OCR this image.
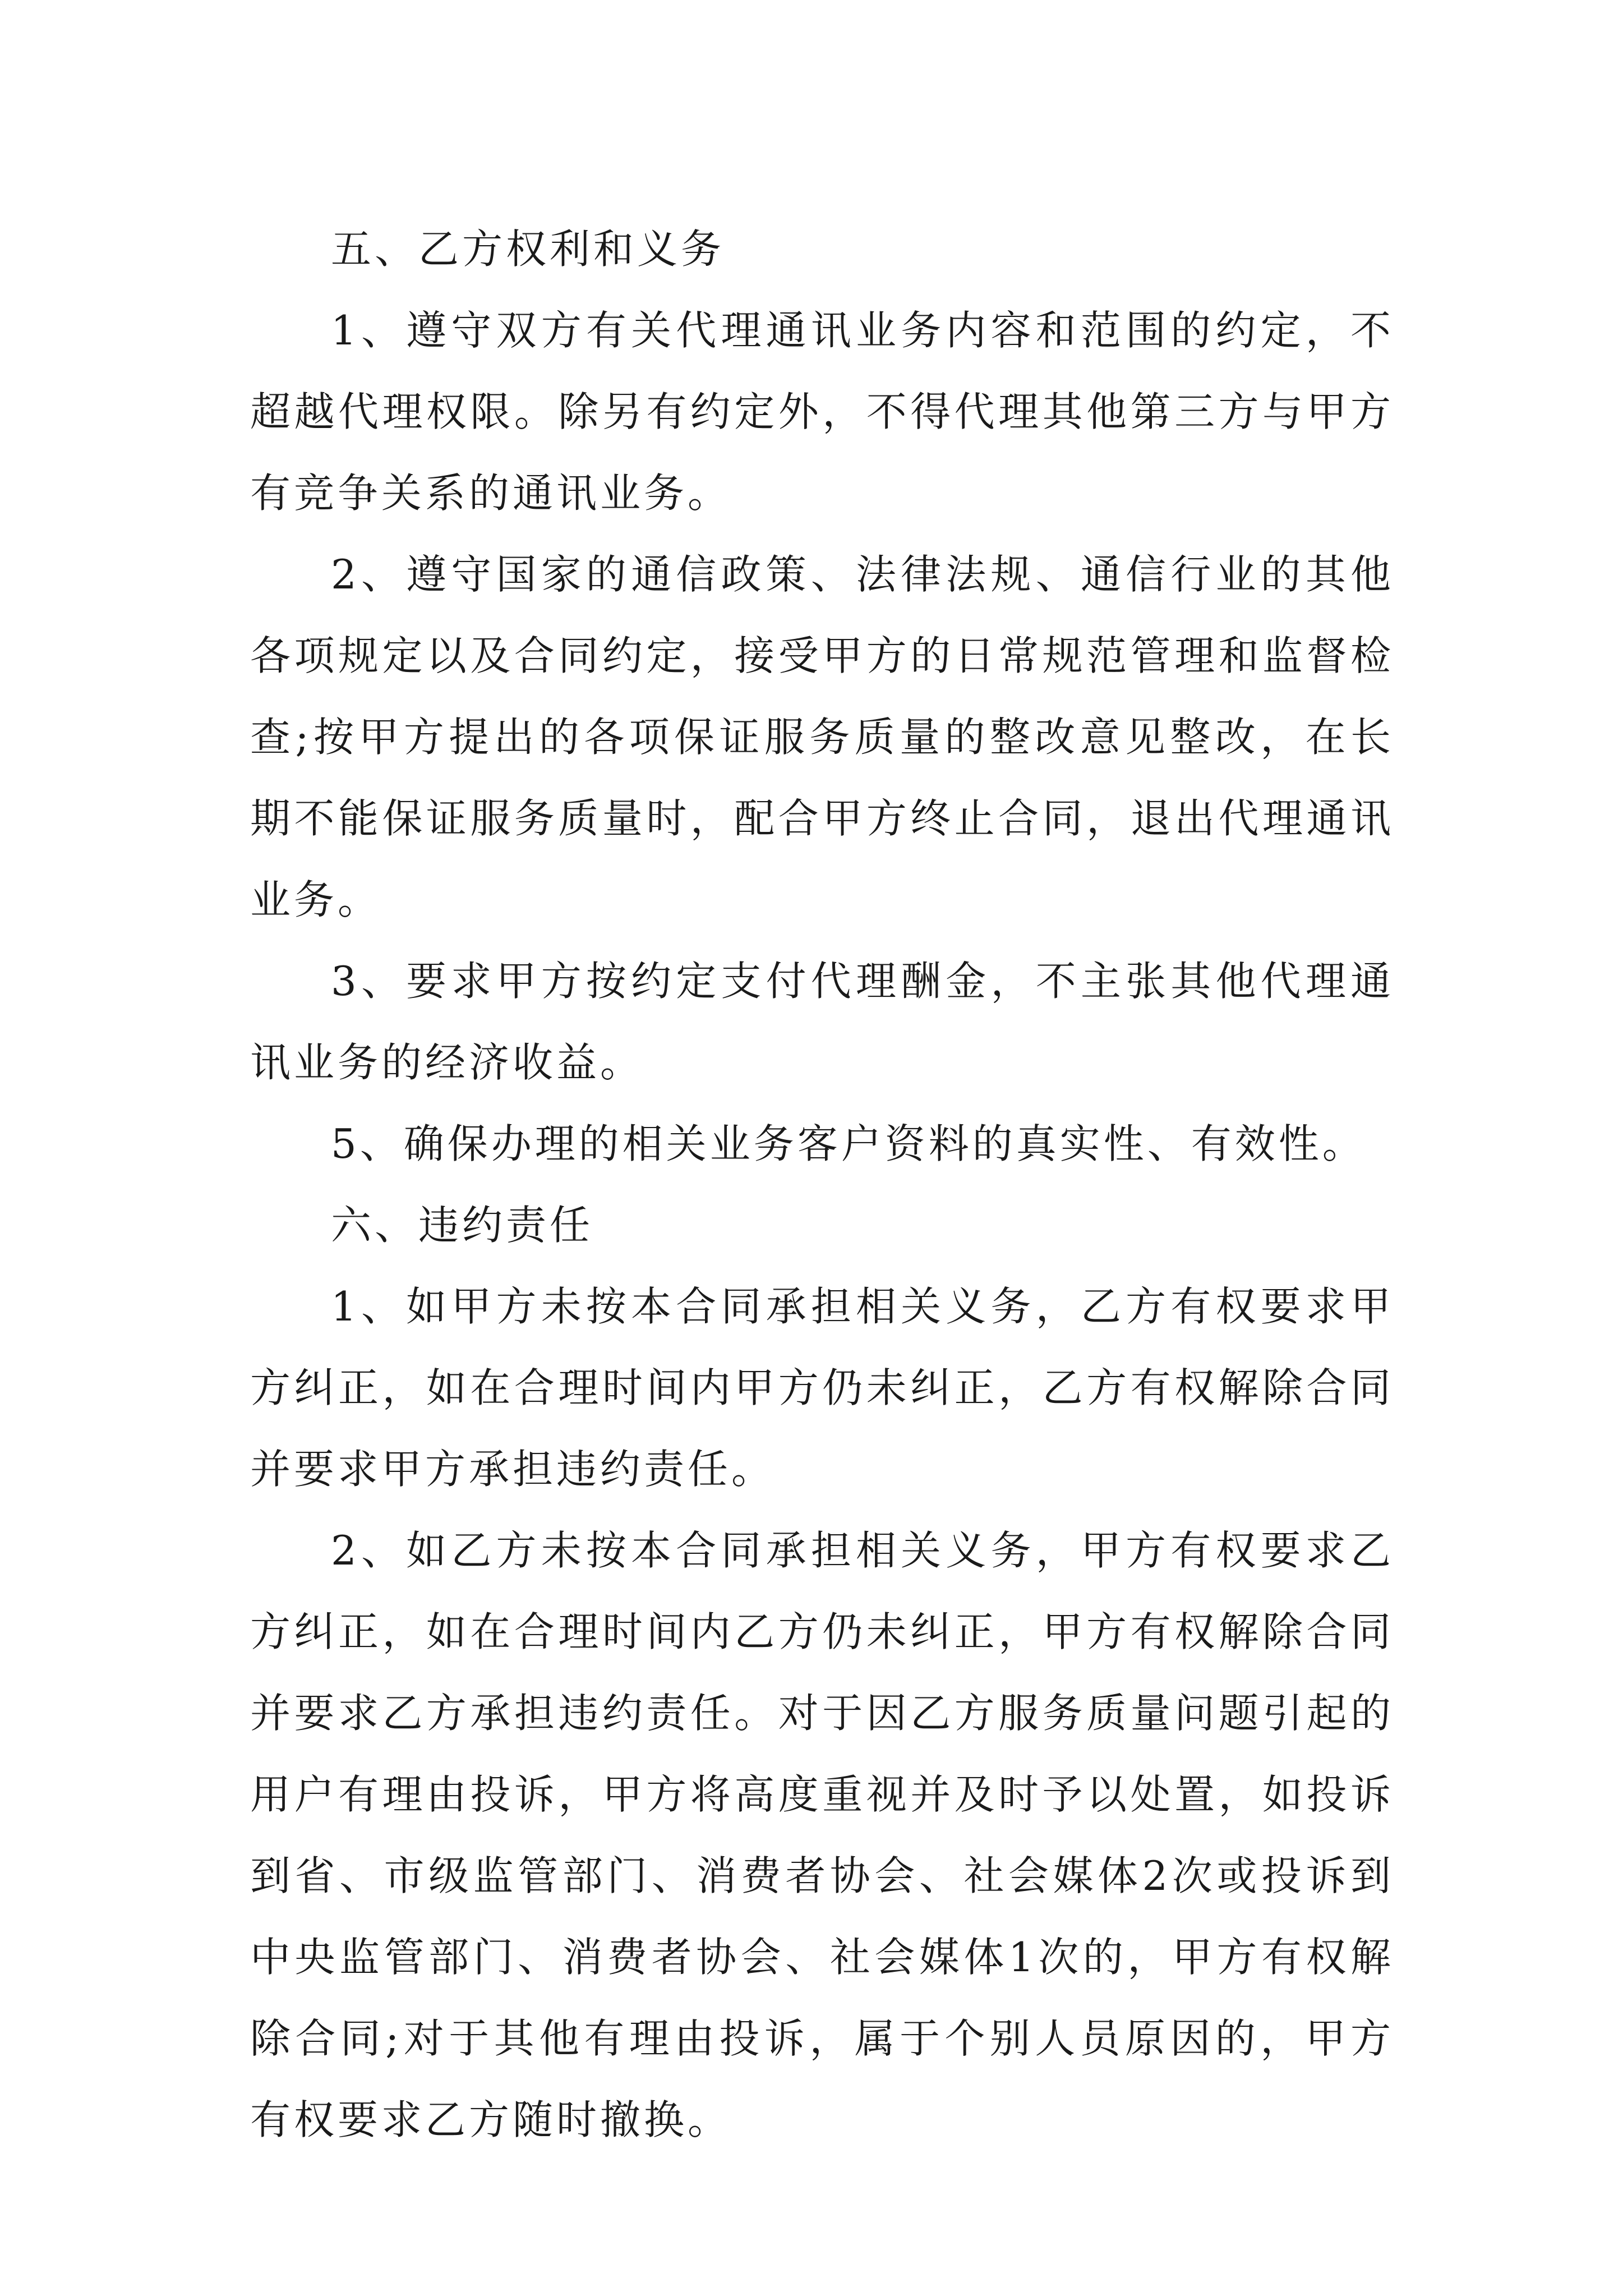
五、乙方权利和义务

1、遵守双方有关代理通讯业务内容和范围的约定，不超越代理权限。除另有约定外，不得代理其他第三方与甲方有竞争关系的通讯业务。

2、遵守国家的通信政策、法律法规、通信行业的其他各项规定以及合同约定，接受甲方的日常规范管理和监督检查;按甲方提出的各项保证服务质量的整改意见整改，在长期不能保证服务质量时，配合甲方终止合同，退出代理通讯业务。

3、要求甲方按约定支付代理酬金，不主张其他代理通讯业务的经济收益。

5、确保办理的相关业务客户资料的真实性、有效性。

六、违约责任

1、如甲方未按本合同承担相关义务，乙方有权要求甲方纠正，如在合理时间内甲方仍未纠正，乙方有权解除合同并要求甲方承担违约责任。

2、如乙方未按本合同承担相关义务，甲方有权要求乙方纠正，如在合理时间内乙方仍未纠正，甲方有权解除合同并要求乙方承担违约责任。对于因乙方服务质量问题引起的用户有理由投诉，甲方将高度重视并及时予以处置，如投诉到省、市级监管部门、消费者协会、社会媒体2次或投诉到中央监管部门、消费者协会、社会媒体1次的，甲方有权解除合同;对于其他有理由投诉，属于个别人员原因的，甲方有权要求乙方随时撤换。
